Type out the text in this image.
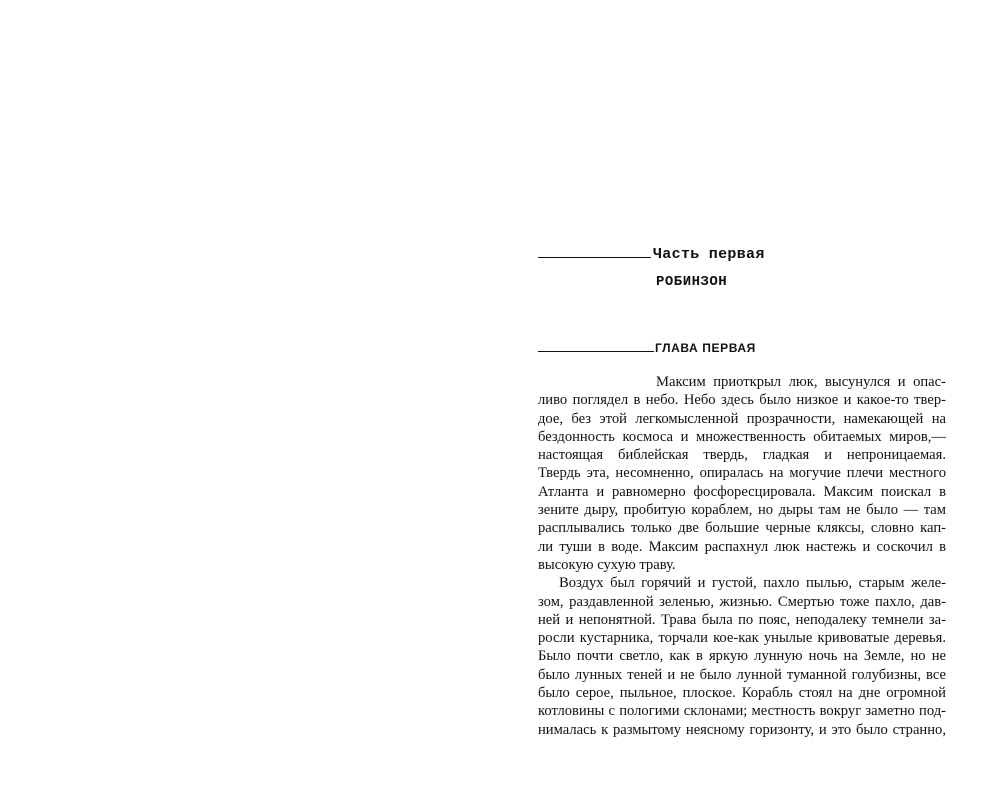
Часть первая
РОБИНЗОН
ГЛАВА ПЕРВАЯ
Максим приоткрыл люк, высунулся и опас-
ливо поглядел в небо. Небо здесь было низкое и какое-то твер-
дое, без этой легкомысленной прозрачности, намекающей на
бездонность космоса и множественность обитаемых миров,—
настоящая библейская твердь, гладкая и непроницаемая.
Твердь эта, несомненно, опиралась на могучие плечи местного
Атланта и равномерно фосфоресцировала. Максим поискал в
зените дыру, пробитую кораблем, но дыры там не было — там
расплывались только две большие черные кляксы, словно кап-
ли туши в воде. Максим распахнул люк настежь и соскочил в
высокую сухую траву.
Воздух был горячий и густой, пахло пылью, старым желе-
зом, раздавленной зеленью, жизнью. Смертью тоже пахло, дав-
ней и непонятной. Трава была по пояс, неподалеку темнели за-
росли кустарника, торчали кое-как унылые кривоватые деревья.
Было почти светло, как в яркую лунную ночь на Земле, но не
было лунных теней и не было лунной туманной голубизны, все
было серое, пыльное, плоское. Корабль стоял на дне огромной
котловины с пологими склонами; местность вокруг заметно под-
нималась к размытому неясному горизонту, и это было странно,
